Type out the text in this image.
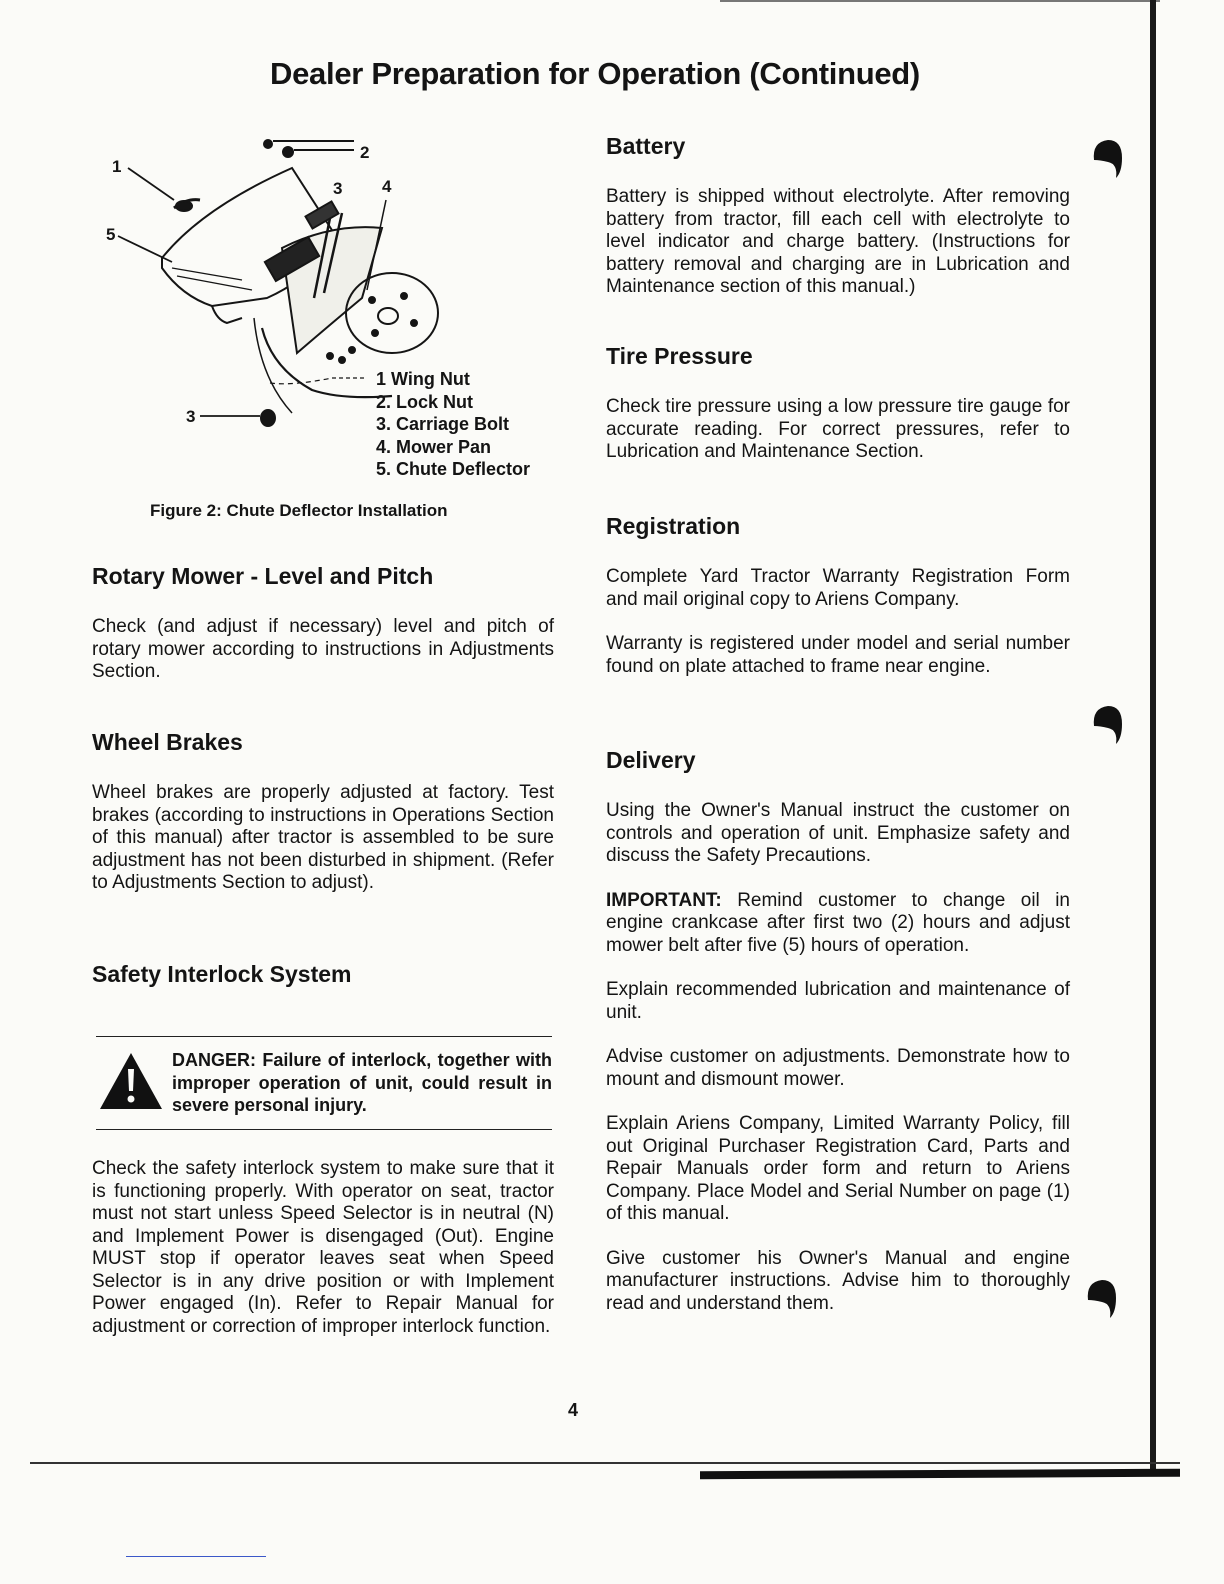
Dealer Preparation for Operation (Continued)
1
2
3 4
5
3
1 Wing Nut
2. Lock Nut
3. Carriage Bolt
4. Mower Pan
5. Chute Deflector
Figure 2: Chute Deflector Installation
Rotary Mower - Level and Pitch

Check (and adjust if necessary) level and pitch of rotary mower according to instructions in Adjustments Section.

Wheel Brakes

Wheel brakes are properly adjusted at factory. Test brakes (according to instructions in Operations Section of this manual) after tractor is assembled to be sure adjustment has not been disturbed in shipment. (Refer to Adjustments Section to adjust).

Safety Interlock System
DANGER: Failure of interlock, together with improper operation of unit, could result in severe personal injury.

Check the safety interlock system to make sure that it is functioning properly. With operator on seat, tractor must not start unless Speed Selector is in neutral (N) and Implement Power is disengaged (Out). Engine MUST stop if operator leaves seat when Speed Selector is in any drive position or with Implement Power engaged (In). Refer to Repair Manual for adjustment or correction of improper interlock function.

Battery

Battery is shipped without electrolyte. After removing battery from tractor, fill each cell with electrolyte to level indicator and charge battery. (Instructions for battery removal and charging are in Lubrication and Maintenance section of this manual.)

Tire Pressure

Check tire pressure using a low pressure tire gauge for accurate reading. For correct pressures, refer to Lubrication and Maintenance Section.

Registration

Complete Yard Tractor Warranty Registration Form and mail original copy to Ariens Company.

Warranty is registered under model and serial number found on plate attached to frame near engine.

Delivery

Using the Owner's Manual instruct the customer on controls and operation of unit. Emphasize safety and discuss the Safety Precautions.

IMPORTANT: Remind customer to change oil in engine crankcase after first two (2) hours and adjust mower belt after five (5) hours of operation.

Explain recommended lubrication and maintenance of unit.

Advise customer on adjustments. Demonstrate how to mount and dismount mower.

Explain Ariens Company, Limited Warranty Policy, fill out Original Purchaser Registration Card, Parts and Repair Manuals order form and return to Ariens Company. Place Model and Serial Number on page (1) of this manual.

Give customer his Owner's Manual and engine manufacturer instructions. Advise him to thoroughly read and understand them.

4
